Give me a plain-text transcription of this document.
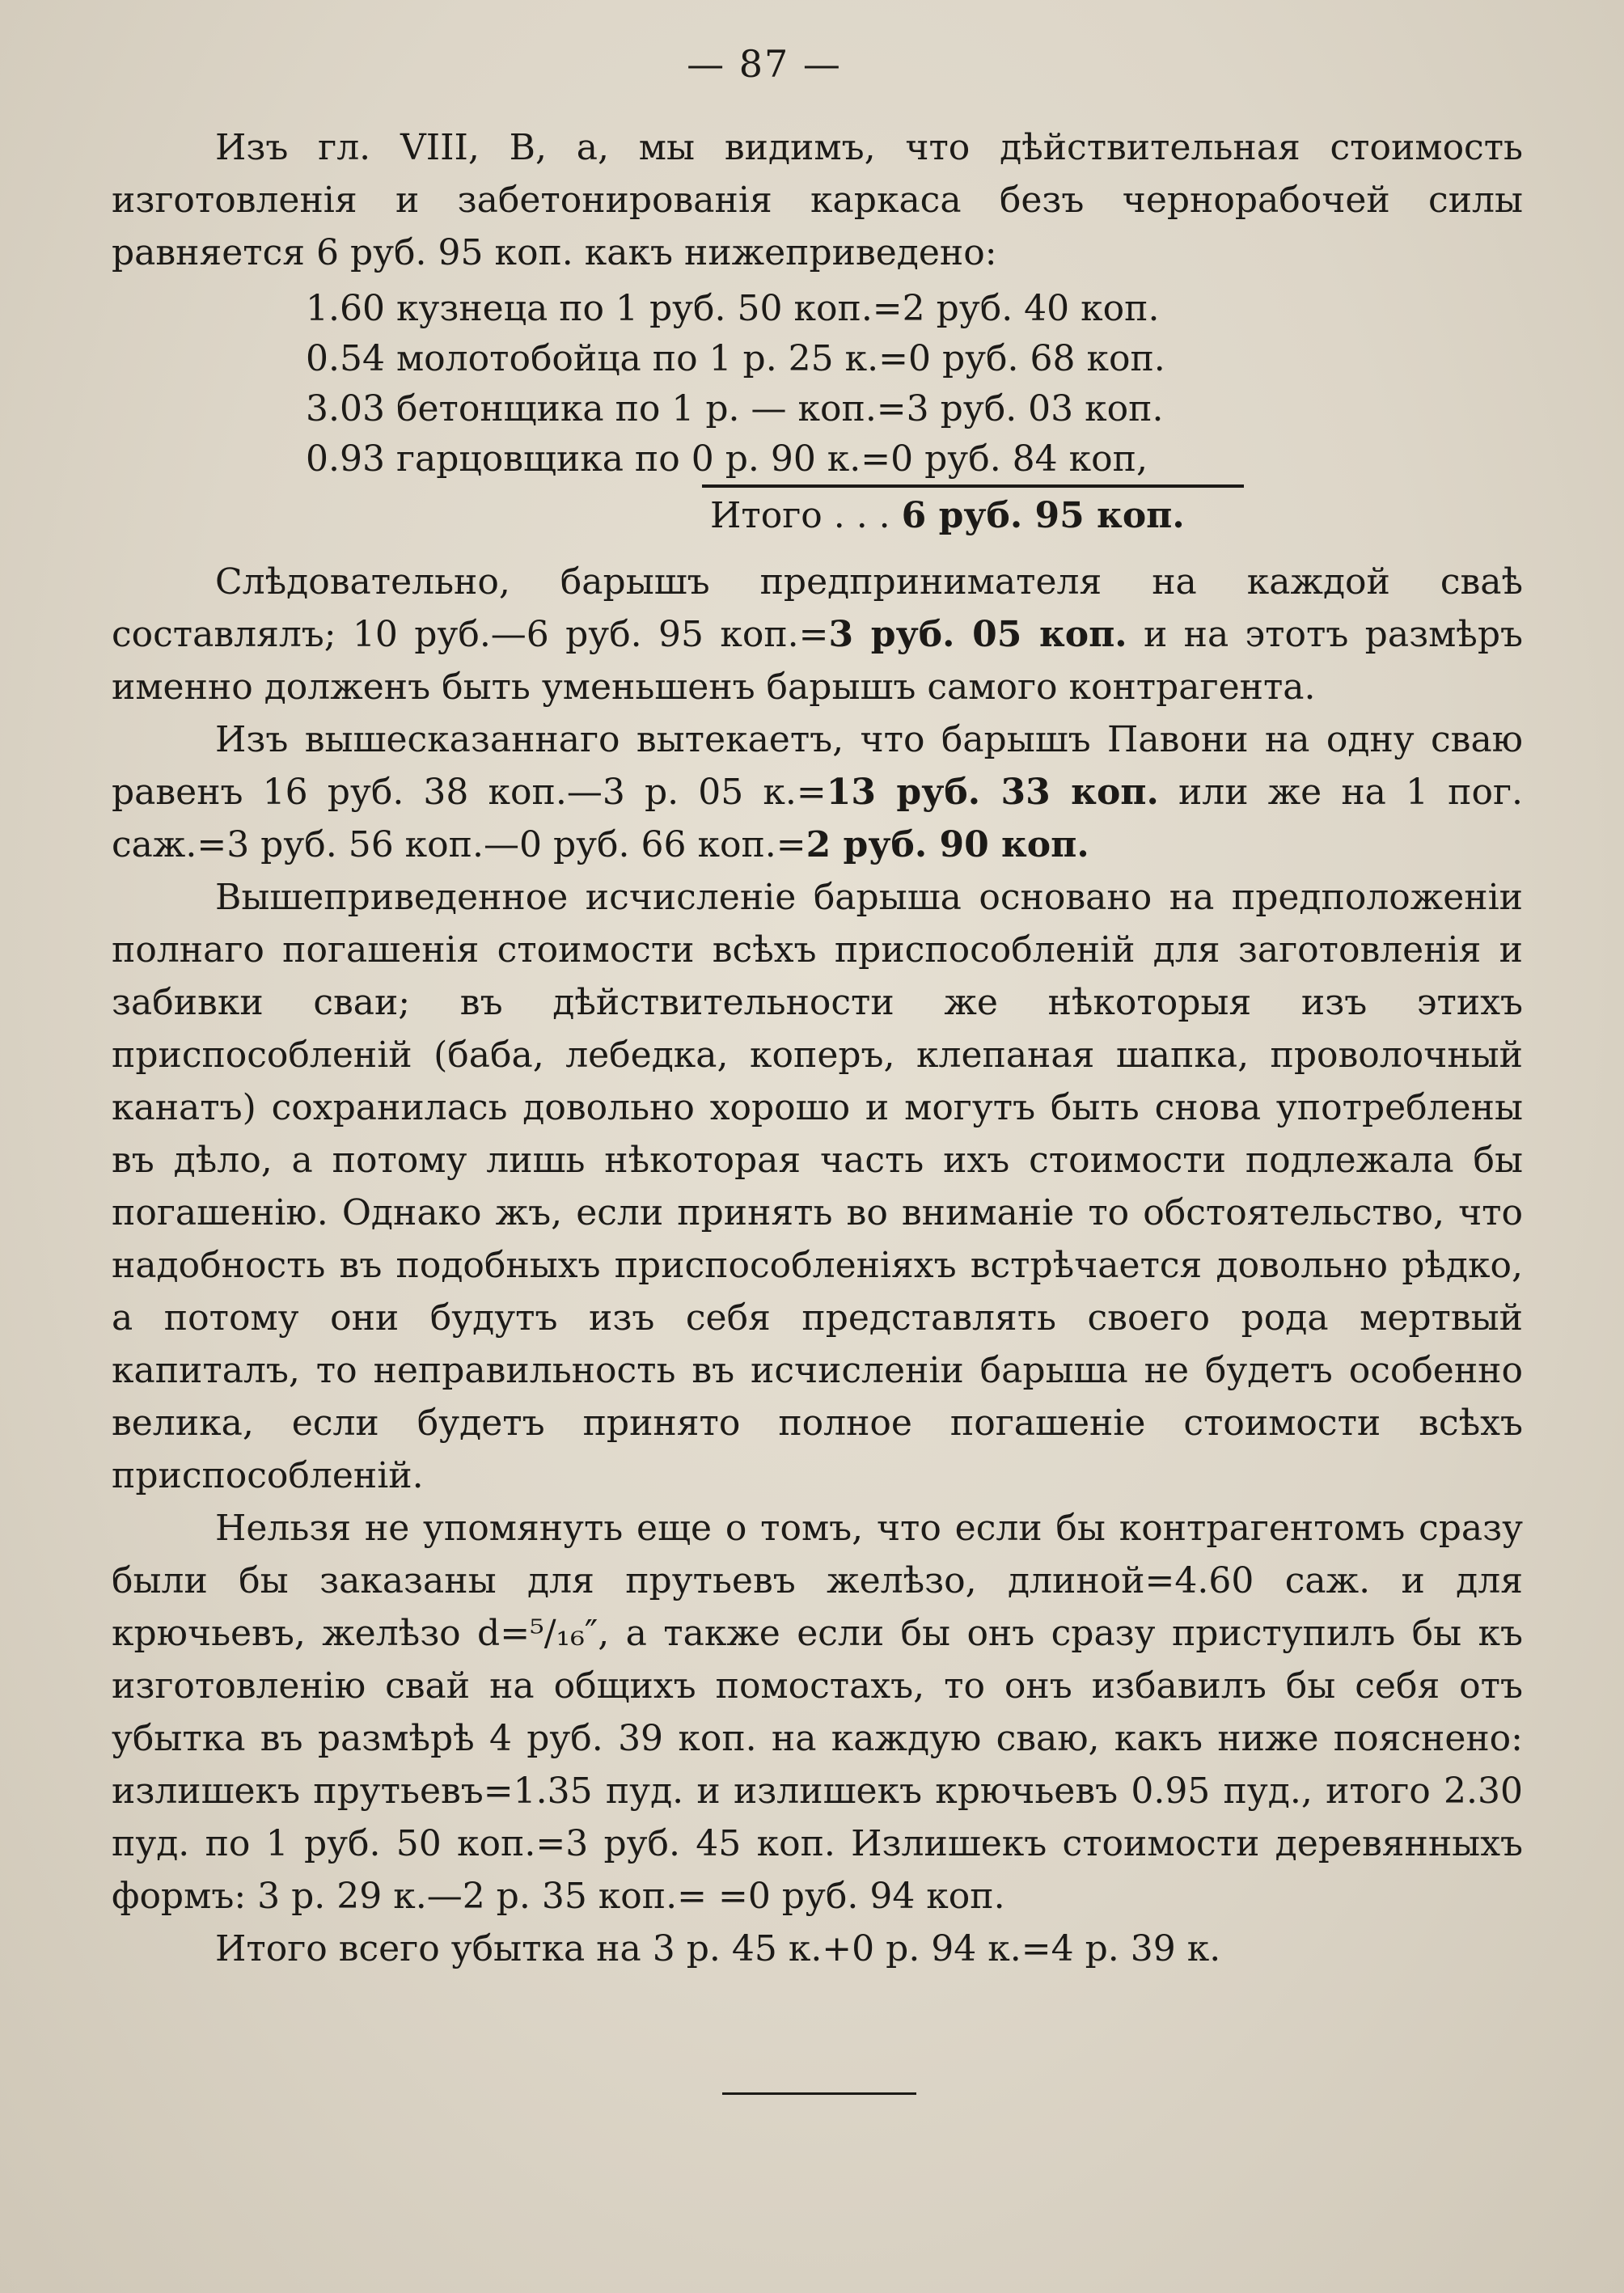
— 87 —

Изъ гл. VIII, В, а, мы видимъ, что дѣйствительная стоимость изготовленія и забетонированія каркаса безъ чернорабочей силы равняется 6 руб. 95 коп. какъ нижеприведено:

1.60 кузнеца по 1 руб. 50 коп.=2 руб. 40 коп.
0.54 молотобойца по 1 р. 25 к.=0 руб. 68 коп.
3.03 бетонщика по 1 р. — коп.=3 руб. 03 коп.
0.93 гарцовщика по 0 р. 90 к.=0 руб. 84 коп,
Итого . . . 6 руб. 95 коп.

Слѣдовательно, барышъ предпринимателя на каждой сваѣ составлялъ; 10 руб.—6 руб. 95 коп.=3 руб. 05 коп. и на этотъ размѣръ именно долженъ быть уменьшенъ барышъ самого контрагента.

Изъ вышесказаннаго вытекаетъ, что барышъ Павони на одну сваю равенъ 16 руб. 38 коп.—3 р. 05 к.=13 руб. 33 коп. или же на 1 пог. саж.=3 руб. 56 коп.—0 руб. 66 коп.=2 руб. 90 коп.

Вышеприведенное исчисленіе барыша основано на предположеніи полнаго погашенія стоимости всѣхъ приспособленій для заготовленія и забивки сваи; въ дѣйствительности же нѣкоторыя изъ этихъ приспособленій (баба, лебедка, коперъ, клепаная шапка, проволочный канатъ) сохранилась довольно хорошо и могутъ быть снова употреблены въ дѣло, а потому лишь нѣкоторая часть ихъ стоимости подлежала бы погашенію. Однако жъ, если принять во вниманіе то обстоятельство, что надобность въ подобныхъ приспособленіяхъ встрѣчается довольно рѣдко, а потому они будутъ изъ себя представлять своего рода мертвый капиталъ, то неправильность въ исчисленіи барыша не будетъ особенно велика, если будетъ принято полное погашеніе стоимости всѣхъ приспособленій.

Нельзя не упомянуть еще о томъ, что если бы контрагентомъ сразу были бы заказаны для прутьевъ желѣзо, длиной=4.60 саж. и для крючьевъ, желѣзо d=⁵/₁₆″, а также если бы онъ сразу приступилъ бы къ изготовленію свай на общихъ помостахъ, то онъ избавилъ бы себя отъ убытка въ размѣрѣ 4 руб. 39 коп. на каждую сваю, какъ ниже пояснено: излишекъ прутьевъ=1.35 пуд. и излишекъ крючьевъ 0.95 пуд., итого 2.30 пуд. по 1 руб. 50 коп.=3 руб. 45 коп. Излишекъ стоимости деревянныхъ формъ: 3 р. 29 к.—2 р. 35 коп.= =0 руб. 94 коп.

Итого всего убытка на 3 р. 45 к.+0 р. 94 к.=4 р. 39 к.
